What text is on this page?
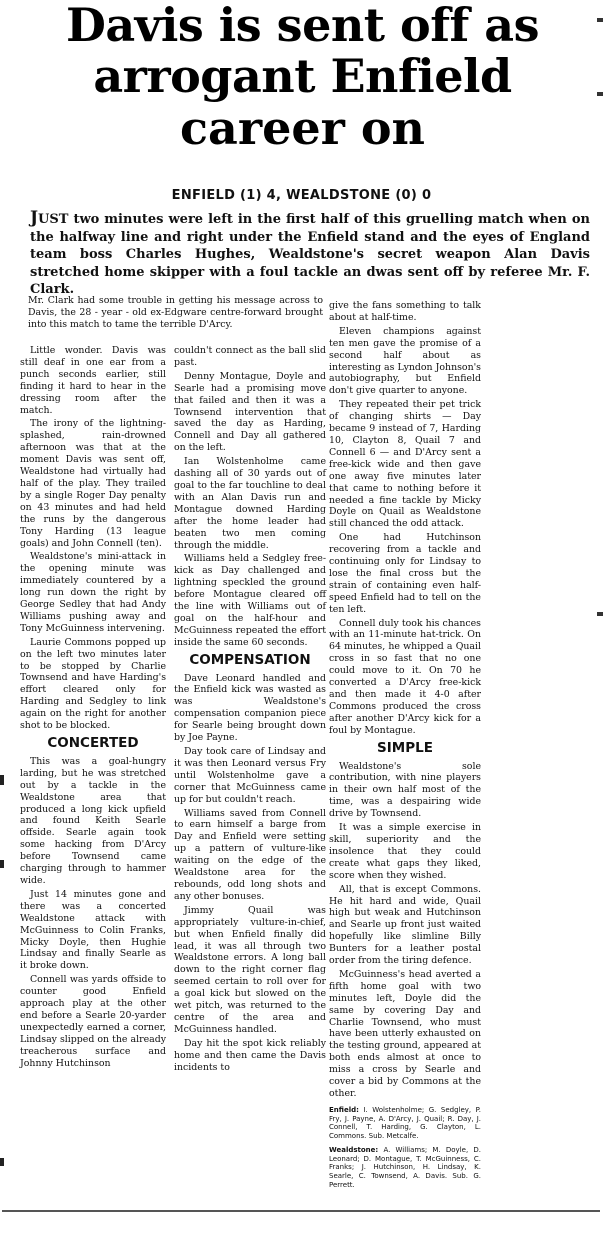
Davis is sent off as
arrogant Enfield
career on
ENFIELD (1) 4, WEALDSTONE (0) 0
JUST two minutes were left in the first half of this gruelling match when on the halfway line and right under the Enfield stand and the eyes of England team boss Charles Hughes, Wealdstone's secret weapon Alan Davis stretched home skipper with a foul tackle an dwas sent off by referee Mr. F. Clark.

Mr. Clark had some trouble in getting his message across to Davis, the 28 - year - old ex-Edgware centre-forward brought into this match to tame the terrible D'Arcy.

Little wonder. Davis was still deaf in one ear from a punch seconds earlier, still finding it hard to hear in the dressing room after the match.

The irony of the lightning-splashed, rain-drowned afternoon was that at the moment Davis was sent off, Wealdstone had virtually had half of the play. They trailed by a single Roger Day penalty on 43 minutes and had held the runs by the dangerous Tony Harding (13 league goals) and John Connell (ten).

Wealdstone's mini-attack in the opening minute was immediately countered by a long run down the right by George Sedley that had Andy Williams pushing away and Tony McGuinness intervening.

Laurie Commons popped up on the left two minutes later to be stopped by Charlie Townsend and have Harding's effort cleared only for Harding and Sedgley to link again on the right for another shot to be blocked.

CONCERTED

This was a goal-hungry larding, but he was stretched out by a tackle in the Wealdstone area that produced a long kick upfield and found Keith Searle offside. Searle again took some hacking from D'Arcy before Townsend came charging through to hammer wide.

Just 14 minutes gone and there was a concerted Wealdstone attack with McGuinness to Colin Franks, Micky Doyle, then Hughie Lindsay and finally Searle as it broke down.

Connell was yards offside to counter good Enfield approach play at the other end before a Searle 20-yarder unexpectedly earned a corner, Lindsay slipped on the already treacherous surface and Johnny Hutchinson

couldn't connect as the ball slid past.

Denny Montague, Doyle and Searle had a promising move that failed and then it was a Townsend intervention that saved the day as Harding, Connell and Day all gathered on the left.

Ian Wolstenholme came dashing all of 30 yards out of goal to the far touchline to deal with an Alan Davis run and Montague downed Harding after the home leader had beaten two men coming through the middle.

Williams held a Sedgley free-kick as Day challenged and lightning speckled the ground before Montague cleared off the line with Williams out of goal on the half-hour and McGuinness repeated the effort inside the same 60 seconds.

COMPENSATION

Dave Leonard handled and the Enfield kick was wasted as was Wealdstone's compensation companion piece for Searle being brought down by Joe Payne.

Day took care of Lindsay and it was then Leonard versus Fry until Wolstenholme gave a corner that McGuinness came up for but couldn't reach.

Williams saved from Connell to earn himself a barge from Day and Enfield were setting up a pattern of vulture-like waiting on the edge of the Wealdstone area for the rebounds, odd long shots and any other bonuses.

Jimmy Quail was appropriately vulture-in-chief, but when Enfield finally did lead, it was all through two Wealdstone errors. A long ball down to the right corner flag seemed certain to roll over for a goal kick but slowed on the wet pitch, was returned to the centre of the area and McGuinness handled.

Day hit the spot kick reliably home and then came the Davis incidents to

give the fans something to talk about at half-time.

Eleven champions against ten men gave the promise of a second half about as interesting as Lyndon Johnson's autobiography, but Enfield don't give quarter to anyone.

They repeated their pet trick of changing shirts — Day became 9 instead of 7, Harding 10, Clayton 8, Quail 7 and Connell 6 — and D'Arcy sent a free-kick wide and then gave one away five minutes later that came to nothing before it needed a fine tackle by Micky Doyle on Quail as Wealdstone still chanced the odd attack.

One had Hutchinson recovering from a tackle and continuing only for Lindsay to lose the final cross but the strain of containing even half-speed Enfield had to tell on the ten left.

Connell duly took his chances with an 11-minute hat-trick. On 64 minutes, he whipped a Quail cross in so fast that no one could move to it. On 70 he converted a D'Arcy free-kick and then made it 4-0 after Commons produced the cross after another D'Arcy kick for a foul by Montague.

SIMPLE

Wealdstone's sole contribution, with nine players in their own half most of the time, was a despairing wide drive by Townsend.

It was a simple exercise in skill, superiority and the insolence that they could create what gaps they liked, score when they wished.

All, that is except Commons. He hit hard and wide, Quail high but weak and Hutchinson and Searle up front just waited hopefully like slimline Billy Bunters for a leather postal order from the tiring defence.

McGuinness's head averted a fifth home goal with two minutes left, Doyle did the same by covering Day and Charlie Townsend, who must have been utterly exhausted on the testing ground, appeared at both ends almost at once to miss a cross by Searle and cover a bid by Commons at the other.

Enfield: I. Wolstenholme; G. Sedgley, P. Fry, J. Payne, A. D'Arcy, J. Quail; R. Day, J. Connell, T. Harding, G. Clayton, L. Commons. Sub. Metcalfe.

Wealdstone: A. Williams; M. Doyle, D. Leonard; D. Montague, T. McGuinness, C. Franks; J. Hutchinson, H. Lindsay, K. Searle, C. Townsend, A. Davis. Sub. G. Perrett.
